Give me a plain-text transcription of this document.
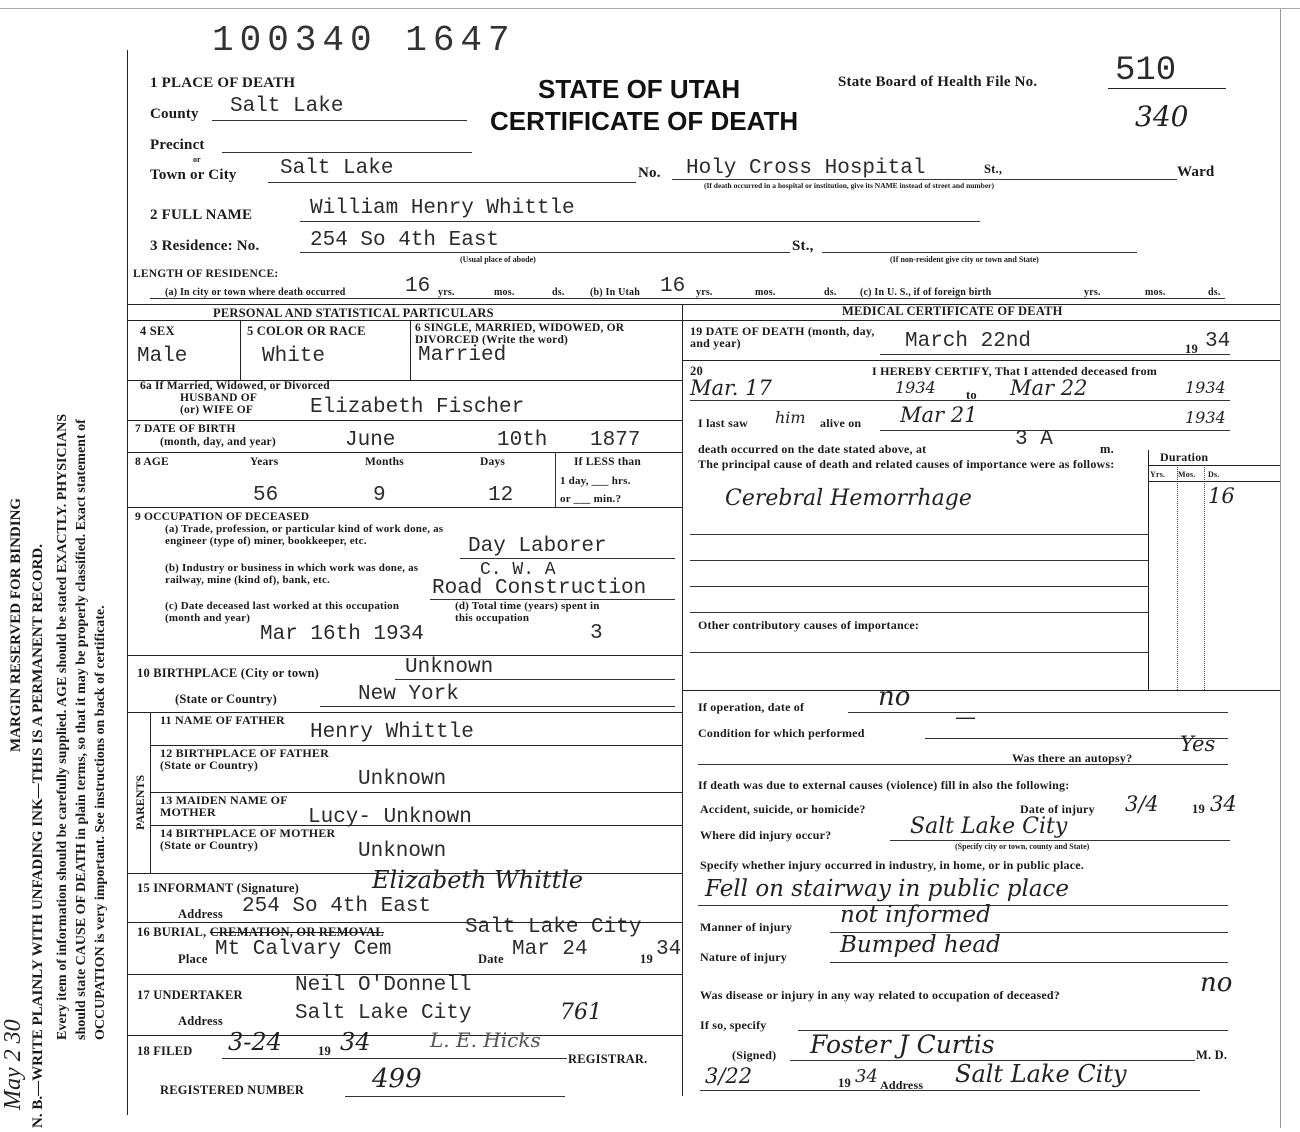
MARGIN RESERVED FOR BINDING N. B.—WRITE PLAINLY WITH UNFADING INK—THIS IS A PERMANENT RECORD. Every item of information should be carefully supplied. AGE should be stated EXACTLY. PHYSICIANS should state CAUSE OF DEATH in plain terms, so that it may be properly classified. Exact statement of OCCUPATION is very important. See instructions on back of certificate.
May 2 30
100340 1647
1 PLACE OF DEATH	STATE OF UTAH
CERTIFICATE OF DEATH
State Board of Health File No. 510
340
County Salt Lake
Precinct
or
Town or City Salt Lake	No. Holy Cross Hospital	St.,	Ward
(If death occurred in a hospital or institution, give its NAME instead of street and number)
2 FULL NAME	William Henry Whittle
3 Residence: No. 254 So 4th East	St.,
(Usual place of abode)	(If non-resident give city or town and State)
LENGTH OF RESIDENCE:
(a) In city or town where death occurred	16 yrs.	mos.	ds.	(b) In Utah 16 yrs.	mos.	ds. (c) In U. S., if of foreign birth	yrs.	mos.	ds.
PERSONAL AND STATISTICAL PARTICULARS
4 SEX
Male
5 COLOR OR RACE
White
6 SINGLE, MARRIED, WIDOWED, OR DIVORCED (Write the word)
Married
6a If Married, Widowed, or Divorced
HUSBAND OF
(or) WIFE OF	Elizabeth Fischer
7 DATE OF BIRTH
(month, day, and year)	June	10th 1877
8 AGE	Years	Months	Days	If LESS than
1 day, ___ hrs.
or ___ min.?
56	9	12
9 OCCUPATION OF DECEASED
(a) Trade, profession, or particular kind of work done, as engineer (type of) miner, bookkeeper, etc.	Day Laborer
(b) Industry or business in which work was done, as railway, mine (kind of), bank, etc.	C. W. A
Road Construction
(c) Date deceased last worked at this occupation (month and year)
Mar 16th 1934
(d) Total time (years) spent in this occupation
3
10 BIRTHPLACE (City or town)	Unknown
(State or Country)	New York
PARENTS
11 NAME OF FATHER
Henry Whittle
12 BIRTHPLACE OF FATHER (State or Country)
Unknown
13 MAIDEN NAME OF MOTHER	Lucy- Unknown
14 BIRTHPLACE OF MOTHER (State or Country)	Unknown
15 INFORMANT (Signature)	Elizabeth Whittle
Address 254 So 4th East
16 BURIAL, CREMATION, OR REMOVAL	Salt Lake City
Place Mt Calvary Cem	Date Mar 24	19 34
17 UNDERTAKER Neil O'Donnell
Address	Salt Lake City	761
18 FILED 3-24	19 34	L. E. Hicks
REGISTRAR.
REGISTERED NUMBER	499
MEDICAL CERTIFICATE OF DEATH
19 DATE OF DEATH (month, day, and year)	March 22nd	19 34
20	I HEREBY CERTIFY, That I attended deceased from
Mar. 17	1934 to Mar 22	1934
I last saw him alive on Mar 21	1934
death occurred on the date stated above, at	3 A	m.
The principal cause of death and related causes of importance were as follows:
Cerebral Hemorrhage
Duration
Yrs. Mos. Ds.
16
Other contributory causes of importance:
If operation, date of	no
Condition for which performed
—
Was there an autopsy?
Yes
If death was due to external causes (violence) fill in also the following:
Accident, suicide, or homicide?	Date of injury 3/4	19 34
Where did injury occur?	Salt Lake City
(Specify city or town, county and State)
Specify whether injury occurred in industry, in home, or in public place.
Fell on stairway in public place
Manner of injury not informed
Nature of injury Bumped head
Was disease or injury in any way related to occupation of deceased?	no
If so, specify
(Signed) Foster J Curtis	M. D.
3/22	19 34 Address Salt Lake City
